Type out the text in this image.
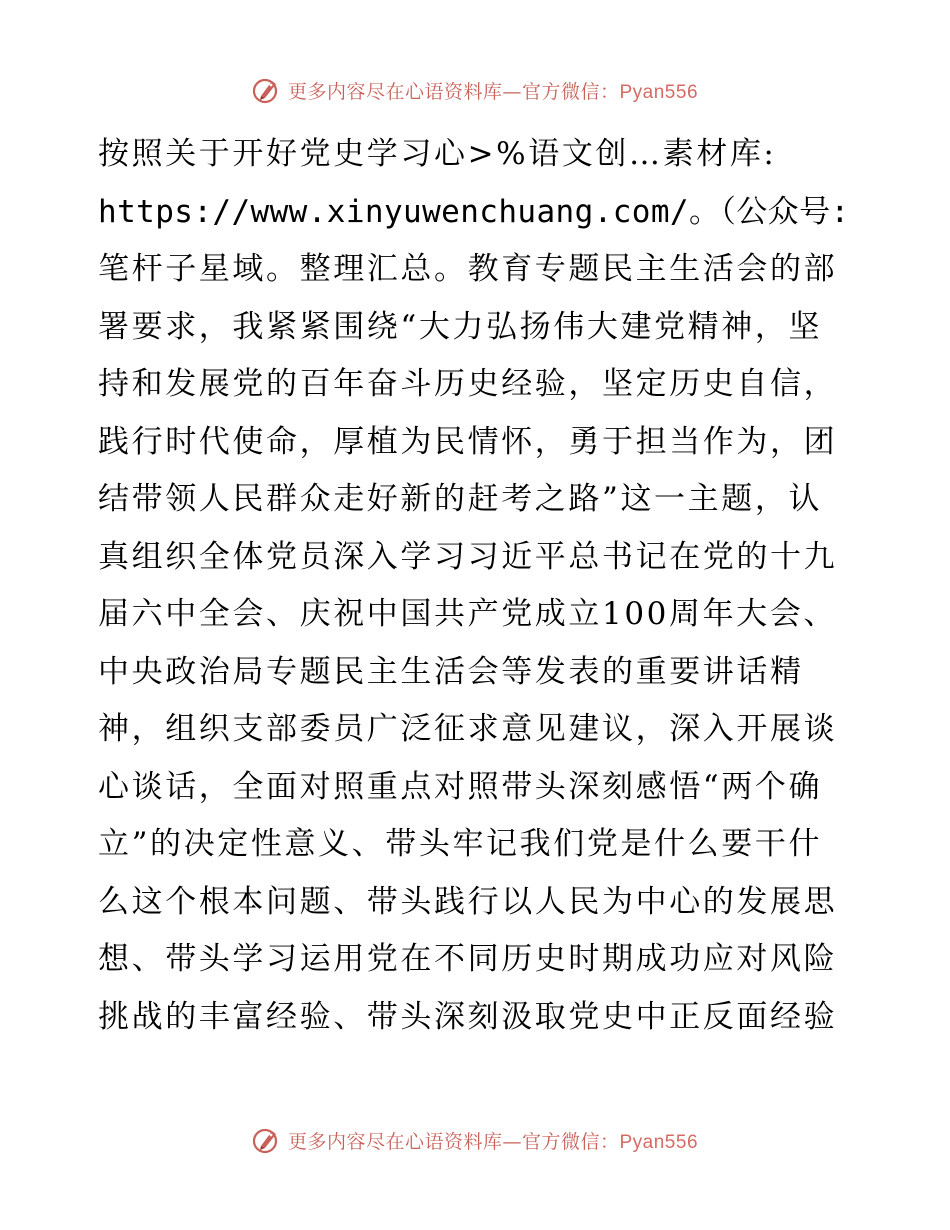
更多内容尽在心语资料库—官方微信：Pyan556
按照关于开好党史学习心>%语文创…素材库:
https://www.xinyuwenchuang.com/。（公众号:
笔杆子星域。整理汇总。教育专题民主生活会的部
署要求，我紧紧围绕“大力弘扬伟大建党精神，坚
持和发展党的百年奋斗历史经验，坚定历史自信，
践行时代使命，厚植为民情怀，勇于担当作为，团
结带领人民群众走好新的赶考之路”这一主题，认
真组织全体党员深入学习习近平总书记在党的十九
届六中全会、庆祝中国共产党成立100周年大会、
中央政治局专题民主生活会等发表的重要讲话精
神，组织支部委员广泛征求意见建议，深入开展谈
心谈话，全面对照重点对照带头深刻感悟“两个确
立”的决定性意义、带头牢记我们党是什么要干什
么这个根本问题、带头践行以人民为中心的发展思
想、带头学习运用党在不同历史时期成功应对风险
挑战的丰富经验、带头深刻汲取党史中正反面经验
更多内容尽在心语资料库—官方微信：Pyan556
